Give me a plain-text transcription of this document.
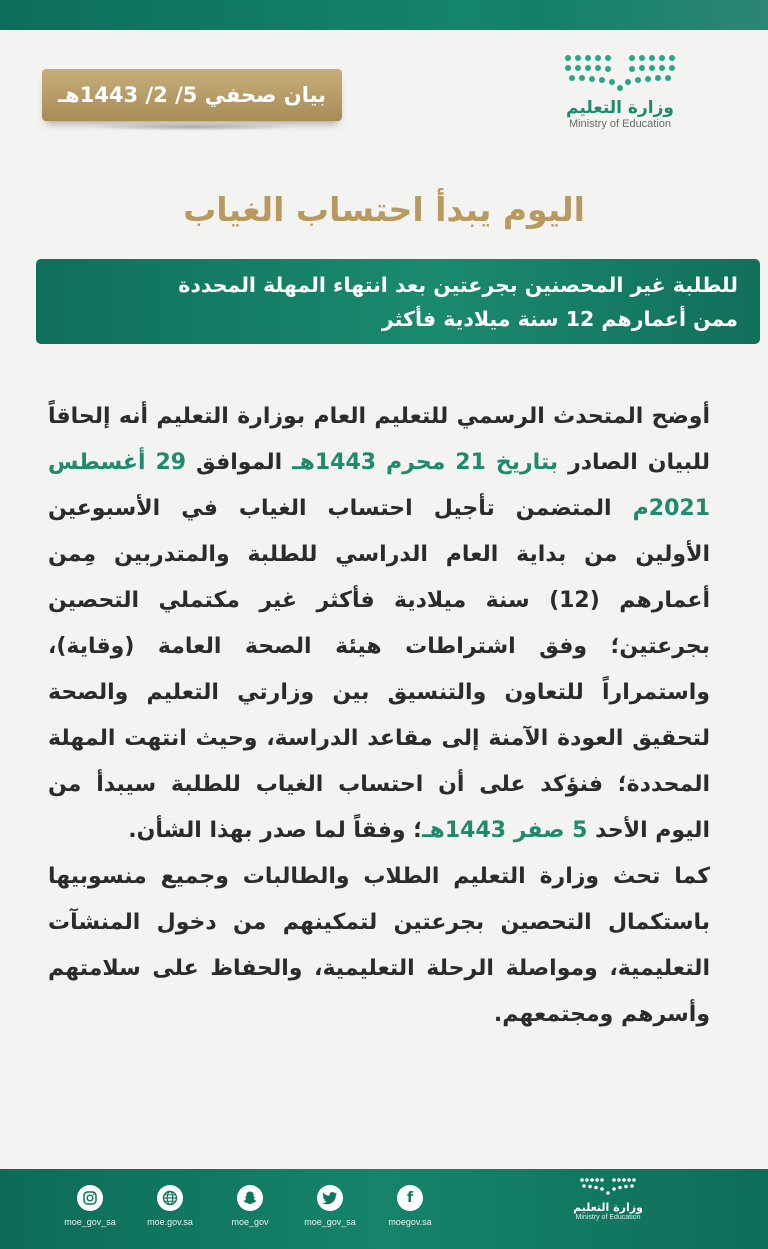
وزارة التعليم
Ministry of Education
بيان صحفي 5/ 2/ 1443هـ
اليوم يبدأ احتساب الغياب
للطلبة غير المحصنين بجرعتين بعد انتهاء المهلة المحددة
ممن أعمارهم 12 سنة ميلادية فأكثر

أوضح المتحدث الرسمي للتعليم العام بوزارة التعليم أنه إلحاقاً للبيان الصادر بتاريخ 21 محرم 1443هـ الموافق 29 أغسطس 2021م المتضمن تأجيل احتساب الغياب في الأسبوعين الأولين من بداية العام الدراسي للطلبة والمتدربين مِمن أعمارهم (12) سنة ميلادية فأكثر غير مكتملي التحصين بجرعتين؛ وفق اشتراطات هيئة الصحة العامة (وقاية)، واستمراراً للتعاون والتنسيق بين وزارتي التعليم والصحة لتحقيق العودة الآمنة إلى مقاعد الدراسة، وحيث انتهت المهلة المحددة؛ فنؤكد على أن احتساب الغياب للطلبة سيبدأ من اليوم الأحد 5 صفر 1443هـ؛ وفقاً لما صدر بهذا الشأن.

كما تحث وزارة التعليم الطلاب والطالبات وجميع منسوبيها باستكمال التحصين بجرعتين لتمكينهم من دخول المنشآت التعليمية، ومواصلة الرحلة التعليمية، والحفاظ على سلامتهم وأسرهم ومجتمعهم.

f
moegov.sa
moe_gov_sa
moe_gov
moe.gov.sa
moe_gov_sa
وزارة التعليم
Ministry of Education
